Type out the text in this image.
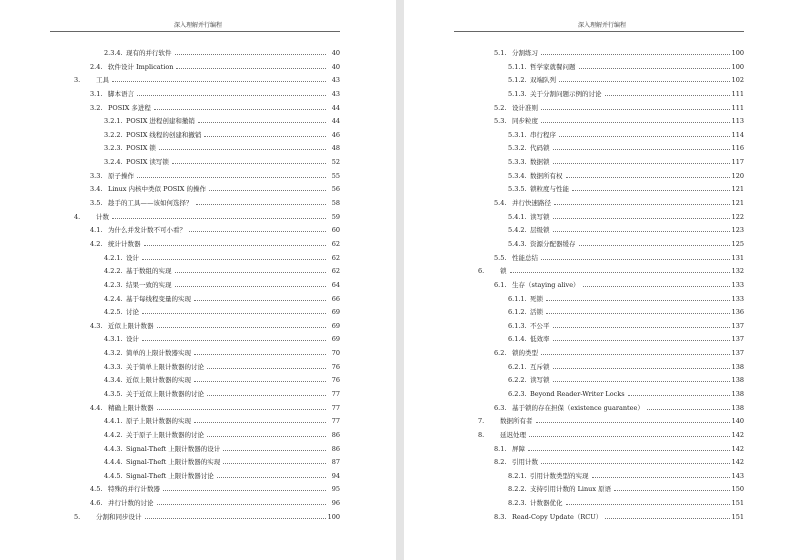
深入理解并行编程
2.3.4. 现有的并行软件	40
2.4. 软件设计 Implication	40
3.	工具	43
3.1. 脚本语言	43
3.2. POSIX 多进程	44
3.2.1. POSIX 进程创建和撤销	44
3.2.2. POSIX 线程的创建和撤销	46
3.2.3. POSIX 锁	48
3.2.4. POSIX 读写锁	52
3.3. 原子操作	55
3.4. Linux 内核中类似 POSIX 的操作	56
3.5. 趁手的工具——该如何选择？	58
4.	计数	59
4.1. 为什么并发计数不可小看？	60
4.2. 统计计数器	62
4.2.1. 设计	62
4.2.2. 基于数组的实现	62
4.2.3. 结果一致的实现	64
4.2.4. 基于每线程变量的实现	66
4.2.5. 讨论	69
4.3. 近似上限计数器	69
4.3.1. 设计	69
4.3.2. 简单的上限计数器实现	70
4.3.3. 关于简单上限计数器的讨论	76
4.3.4. 近似上限计数器的实现	76
4.3.5. 关于近似上限计数器的讨论	77
4.4. 精确上限计数器	77
4.4.1. 原子上限计数器的实现	77
4.4.2. 关于原子上限计数器的讨论	86
4.4.3. Signal-Theft 上限计数器的设计	86
4.4.4. Signal-Theft 上限计数器的实现	87
4.4.5. Signal-Theft 上限计数器讨论	94
4.5. 特殊的并行计数器	95
4.6. 并行计数的讨论	96
5.	分割和同步设计	100
深入理解并行编程
5.1. 分割练习	100
5.1.1. 哲学家就餐问题	100
5.1.2. 双端队列	102
5.1.3. 关于分割问题示例的讨论	111
5.2. 设计准则	111
5.3. 同步粒度	113
5.3.1. 串行程序	114
5.3.2. 代码锁	116
5.3.3. 数据锁	117
5.3.4. 数据所有权	120
5.3.5. 锁粒度与性能	121
5.4. 并行快速路径	121
5.4.1. 读写锁	122
5.4.2. 层级锁	123
5.4.3. 资源分配器缓存	125
5.5. 性能总结	131
6.	锁	132
6.1. 生存（staying alive）	133
6.1.1. 死锁	133
6.1.2. 活锁	136
6.1.3. 不公平	137
6.1.4. 低效率	137
6.2. 锁的类型	137
6.2.1. 互斥锁	138
6.2.2. 读写锁	138
6.2.3. Beyond Reader-Writer Locks	138
6.3. 基于锁的存在担保（existence guarantee）	138
7.	数据所有者	140
8.	延迟处理	142
8.1. 屏障	142
8.2. 引用计数	142
8.2.1. 引用计数类型的实现	143
8.2.2. 支持引用计数的 Linux 原语	150
8.2.3. 计数器优化	151
8.3. Read-Copy Update（RCU）	151
